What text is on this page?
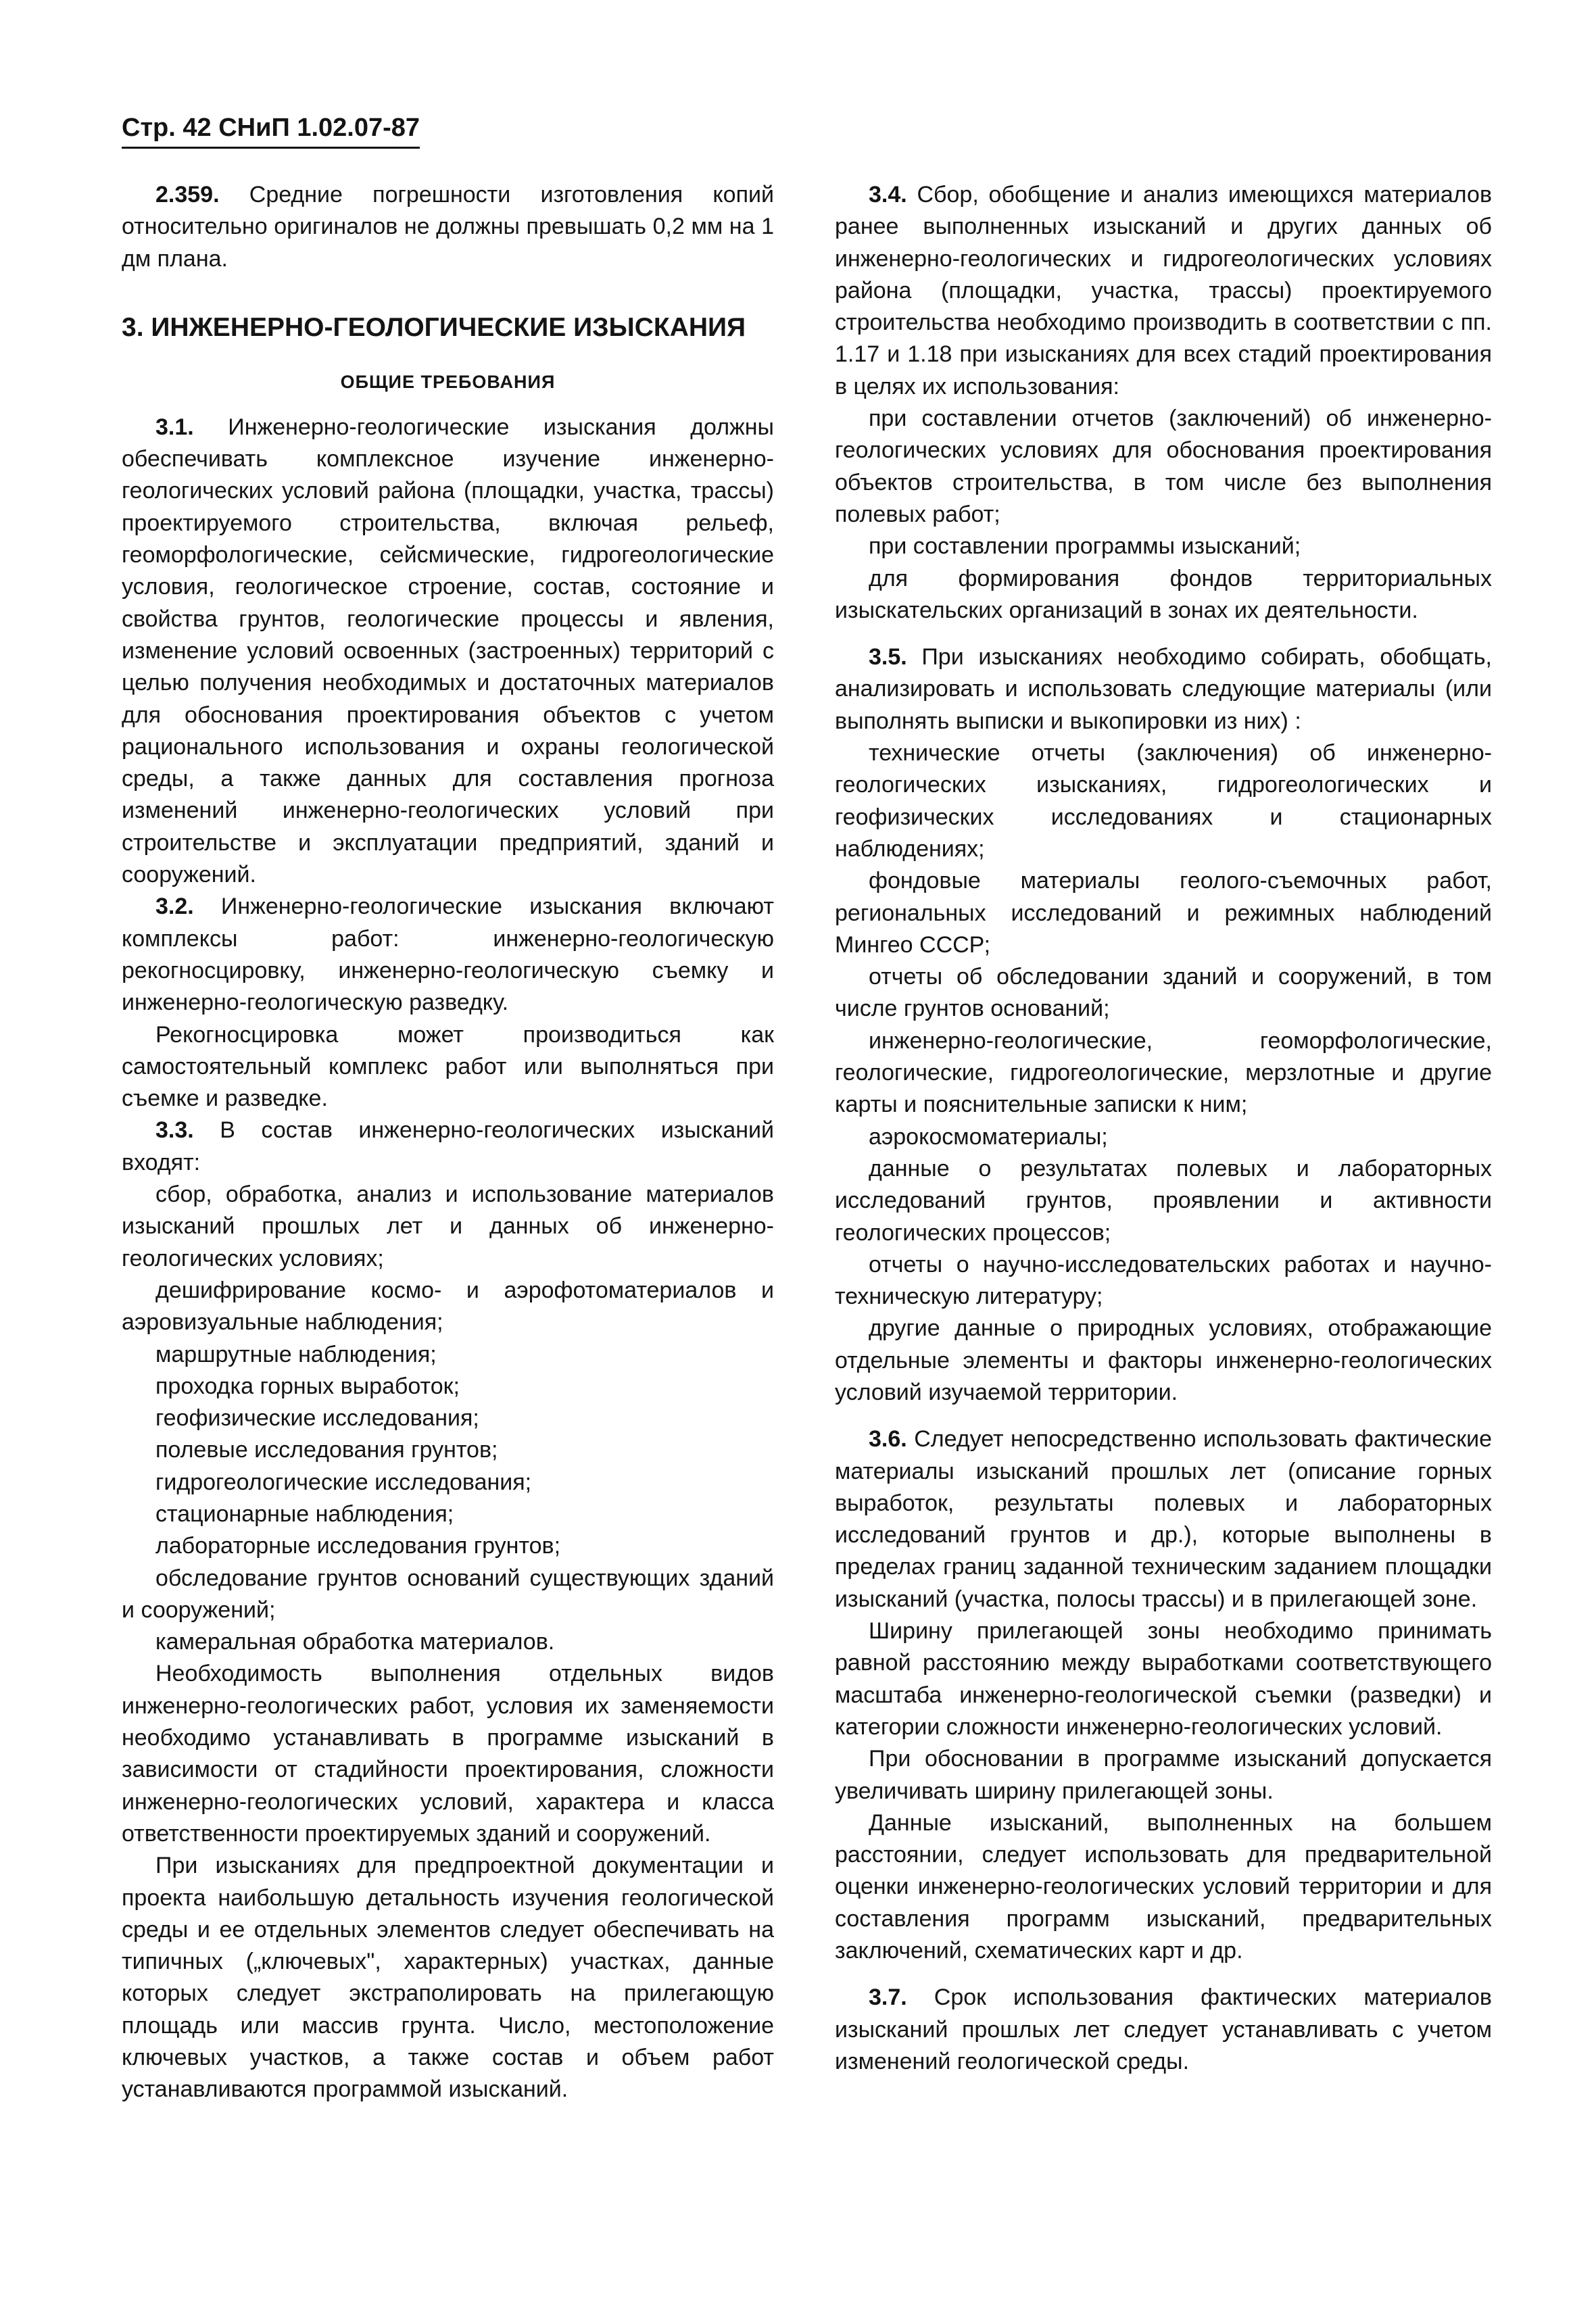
Стр. 42 СНиП 1.02.07-87

2.359. Средние погрешности изготовления копий относительно оригиналов не должны превышать 0,2 мм на 1 дм плана.

3. ИНЖЕНЕРНО-ГЕОЛОГИЧЕСКИЕ ИЗЫСКАНИЯ
ОБЩИЕ ТРЕБОВАНИЯ

3.1. Инженерно-геологические изыскания должны обеспечивать комплексное изучение инженерно-геологических условий района (площадки, участка, трассы) проектируемого строительства, включая рельеф, геоморфологические, сейсмические, гидрогеологические условия, геологическое строение, состав, состояние и свойства грунтов, геологические процессы и явления, изменение условий освоенных (застроенных) территорий с целью получения необходимых и достаточных материалов для обоснования проектирования объектов с учетом рационального использования и охраны геологической среды, а также данных для составления прогноза изменений инженерно-геологических условий при строительстве и эксплуатации предприятий, зданий и сооружений.

3.2. Инженерно-геологические изыскания включают комплексы работ: инженерно-геологическую рекогносцировку, инженерно-геологическую съемку и инженерно-геологическую разведку.

Рекогносцировка может производиться как самостоятельный комплекс работ или выполняться при съемке и разведке.

3.3. В состав инженерно-геологических изысканий входят:

сбор, обработка, анализ и использование материалов изысканий прошлых лет и данных об инженерно-геологических условиях;

дешифрирование космо- и аэрофотоматериалов и аэровизуальные наблюдения;

маршрутные наблюдения;

проходка горных выработок;

геофизические исследования;

полевые исследования грунтов;

гидрогеологические исследования;

стационарные наблюдения;

лабораторные исследования грунтов;

обследование грунтов оснований существующих зданий и сооружений;

камеральная обработка материалов.

Необходимость выполнения отдельных видов инженерно-геологических работ, условия их заменяемости необходимо устанавливать в программе изысканий в зависимости от стадийности проектирования, сложности инженерно-геологических условий, характера и класса ответственности проектируемых зданий и сооружений.

При изысканиях для предпроектной документации и проекта наибольшую детальность изучения геологической среды и ее отдельных элементов следует обеспечивать на типичных („ключевых", характерных) участках, данные которых следует экстраполировать на прилегающую площадь или массив грунта. Число, местоположение ключевых участков, а также состав и объем работ устанавливаются программой изысканий.

3.4. Сбор, обобщение и анализ имеющихся материалов ранее выполненных изысканий и других данных об инженерно-геологических и гидрогеологических условиях района (площадки, участка, трассы) проектируемого строительства необходимо производить в соответствии с пп. 1.17 и 1.18 при изысканиях для всех стадий проектирования в целях их использования:

при составлении отчетов (заключений) об инженерно-геологических условиях для обоснования проектирования объектов строительства, в том числе без выполнения полевых работ;

при составлении программы изысканий;

для формирования фондов территориальных изыскательских организаций в зонах их деятельности.

3.5. При изысканиях необходимо собирать, обобщать, анализировать и использовать следующие материалы (или выполнять выписки и выкопировки из них) :

технические отчеты (заключения) об инженерно-геологических изысканиях, гидрогеологических и геофизических исследованиях и стационарных наблюдениях;

фондовые материалы геолого-съемочных работ, региональных исследований и режимных наблюдений Мингео СССР;

отчеты об обследовании зданий и сооружений, в том числе грунтов оснований;

инженерно-геологические, геоморфологические, геологические, гидрогеологические, мерзлотные и другие карты и пояснительные записки к ним;

аэрокосмоматериалы;

данные о результатах полевых и лабораторных исследований грунтов, проявлении и активности геологических процессов;

отчеты о научно-исследовательских работах и научно-техническую литературу;

другие данные о природных условиях, отображающие отдельные элементы и факторы инженерно-геологических условий изучаемой территории.

3.6. Следует непосредственно использовать фактические материалы изысканий прошлых лет (описание горных выработок, результаты полевых и лабораторных исследований грунтов и др.), которые выполнены в пределах границ заданной техническим заданием площадки изысканий (участка, полосы трассы) и в прилегающей зоне.

Ширину прилегающей зоны необходимо принимать равной расстоянию между выработками соответствующего масштаба инженерно-геологической съемки (разведки) и категории сложности инженерно-геологических условий.

При обосновании в программе изысканий допускается увеличивать ширину прилегающей зоны.

Данные изысканий, выполненных на большем расстоянии, следует использовать для предварительной оценки инженерно-геологических условий территории и для составления программ изысканий, предварительных заключений, схематических карт и др.

3.7. Срок использования фактических материалов изысканий прошлых лет следует устанавливать с учетом изменений геологической среды.
